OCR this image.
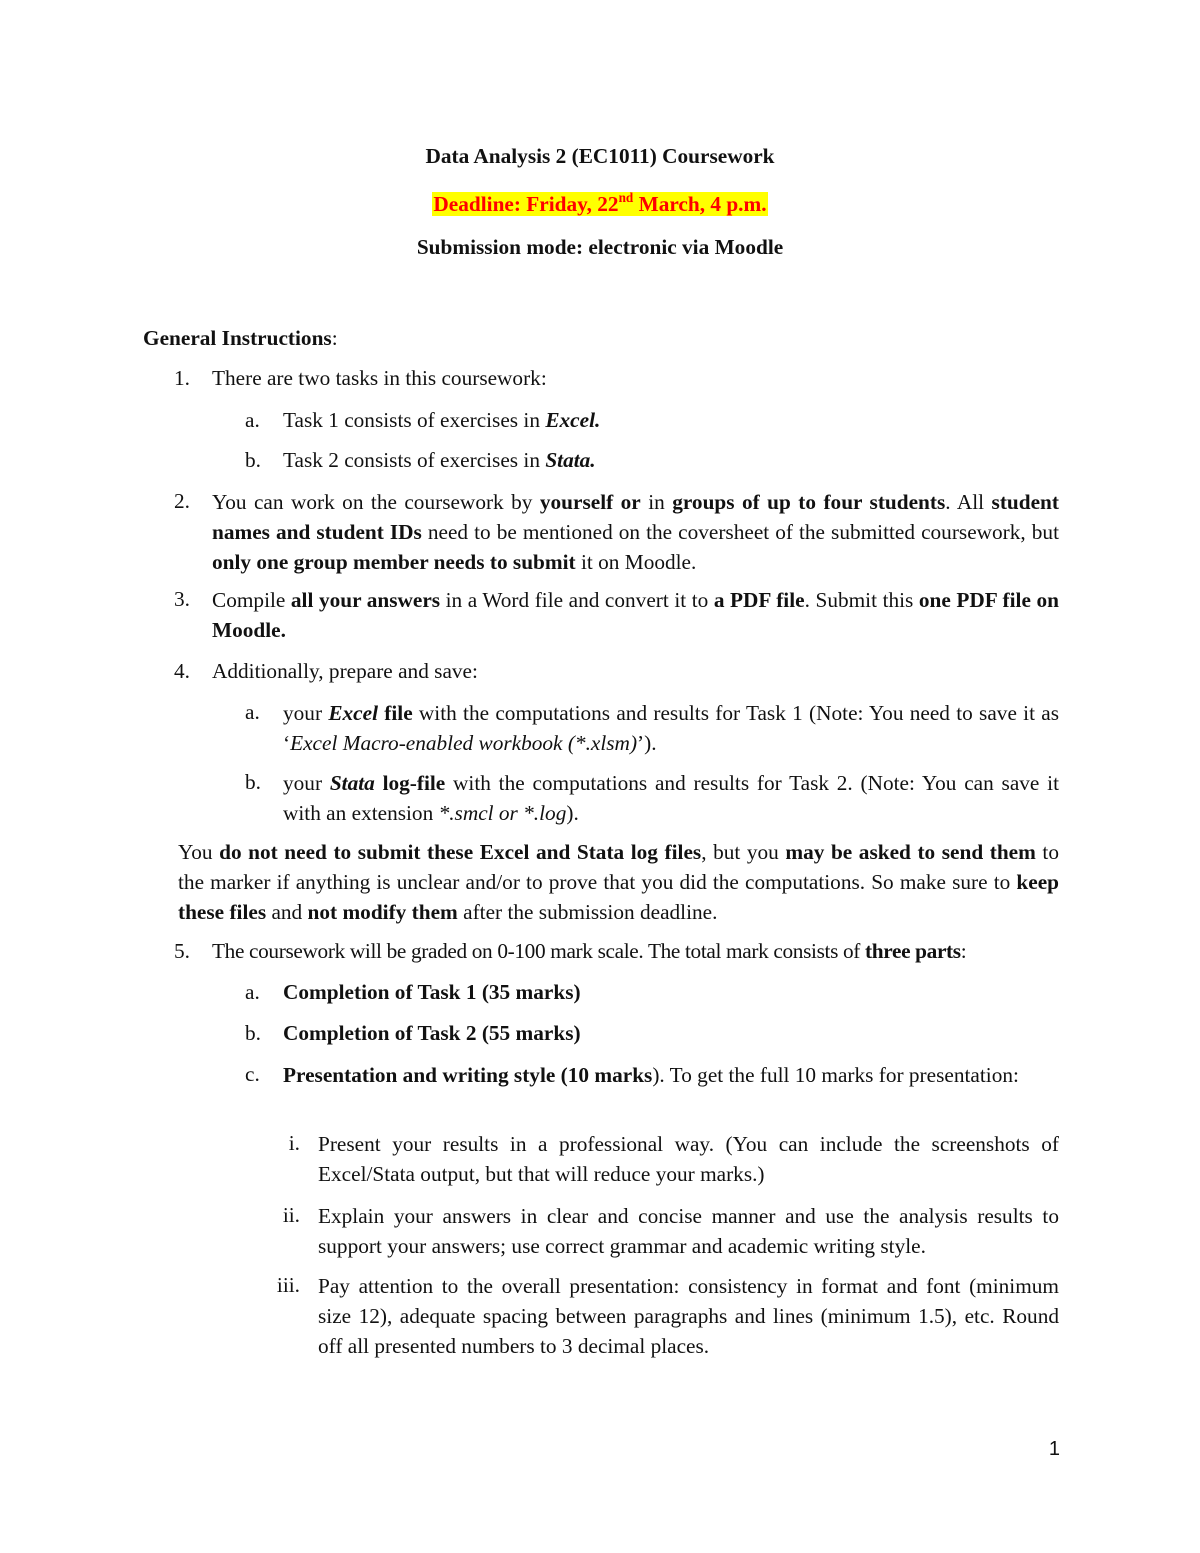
Data Analysis 2 (EC1011) Coursework
Deadline: Friday, 22nd March, 4 p.m.
Submission mode: electronic via Moodle
General Instructions:
1. There are two tasks in this coursework:
a. Task 1 consists of exercises in Excel.
b. Task 2 consists of exercises in Stata.
2. You can work on the coursework by yourself or in groups of up to four students. All student names and student IDs need to be mentioned on the coversheet of the submitted coursework, but only one group member needs to submit it on Moodle.
3. Compile all your answers in a Word file and convert it to a PDF file. Submit this one PDF file on Moodle.
4. Additionally, prepare and save:
a. your Excel file with the computations and results for Task 1 (Note: You need to save it as ‘Excel Macro-enabled workbook (*.xlsm)’).
b. your Stata log-file with the computations and results for Task 2. (Note: You can save it with an extension *.smcl or *.log).
You do not need to submit these Excel and Stata log files, but you may be asked to send them to the marker if anything is unclear and/or to prove that you did the computations. So make sure to keep these files and not modify them after the submission deadline.
5. The coursework will be graded on 0-100 mark scale. The total mark consists of three parts:
a. Completion of Task 1 (35 marks)
b. Completion of Task 2 (55 marks)
c. Presentation and writing style (10 marks). To get the full 10 marks for presentation:
i. Present your results in a professional way. (You can include the screenshots of Excel/Stata output, but that will reduce your marks.)
ii. Explain your answers in clear and concise manner and use the analysis results to support your answers; use correct grammar and academic writing style.
iii. Pay attention to the overall presentation: consistency in format and font (minimum size 12), adequate spacing between paragraphs and lines (minimum 1.5), etc. Round off all presented numbers to 3 decimal places.
1
